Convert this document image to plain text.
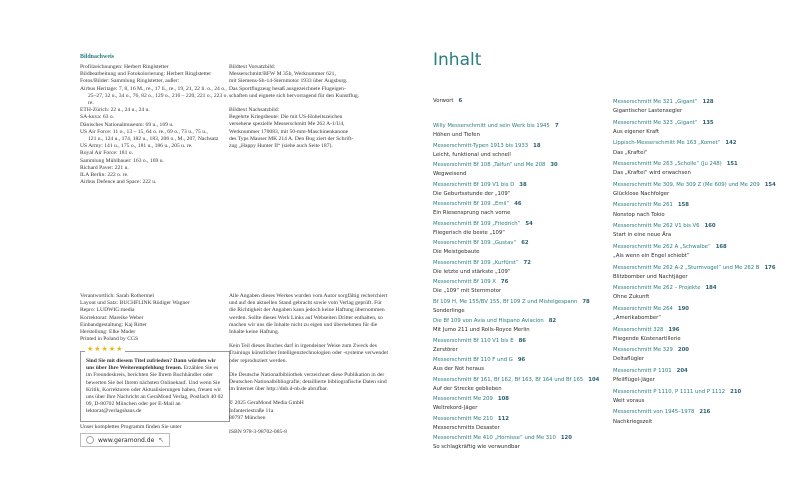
Bildnachweis

Profilzeichnungen: Herbert Ringlstetter

Bildbearbeitung und Fotokolorierung: Herbert Ringlstetter

Fotos/Bilder: Sammlung Ringlstetter, außer:

Airbus Heritage: 7, 8, 16 M., re., 17 li., re., 19, 21, 22 li. o., 24 o.,

25–27, 32 u., 34 o., 76, 82 o., 129 o., 216 – 220, 221 o., 223 o. re.

ETH-Zürich: 22 u., 24 u., 24 u.

SA-kuva: 63 o.

Dänisches Nationalmuseum: 69 u., 169 u.

US Air Force: 11 o., 13 – 15, 64 o. re., 69 o., 73 u., 75 u.,

121 u., 124 u., 174, 182 u., 183, 206 o., M., 207, Nachsatz

US Army: 141 u., 175 o., 181 u., 186 u., 205 u. re.

Royal Air Force: 181 o.

Sammlung Mühlbauer: 163 o., 169 u.

Richard Paver: 221 u.

ILA Berlin: 222 o. re.

Airbus Defence and Space: 222 u.

Bildtext Vorsatzbild:

Messerschmitt/BFW M 35b, Werknummer 621,

mit Siemens-Sh-14-Sternmotor 1933 über Augsburg.

Das Sportflugzeug besaß ausgezeichnete Flugeigen-

schaften und eignete sich hervorragend für den Kunstflug.

Bildtext Nachsatzbild:

Begehrte Kriegsbeute: Die mit US-Hoheitszeichen

versehene spezielle Messerschmitt Me 262 A-1/U4,

Werknummer 170083, mit 50-mm-Maschinenkanone

des Typs Mauser MK 214 A. Den Bug ziert der Schrift-

zug „Happy Hunter II“ (siehe auch Seite 187).

Verantwortlich: Sarah Rothermel

Layout und Satz: BUCHFLINK Rüdiger Wagner

Repro: LUDWIG:media

Korrektorat: Mareike Weber

Einbandgestaltung: Kaj Ritter

Herstellung: Elke Mader

Printed in Poland by CGS

★★★★★

Sind Sie mit diesem Titel zufrieden? Dann würden wir uns über Ihre Weiterempfehlung freuen. Erzählen Sie es im Freundeskreis, berichten Sie Ihrem Buchhändler oder bewerten Sie bei Ihrem nächsten Onlinekauf. Und wenn Sie Kritik, Korrekturen oder Aktualisierungen haben, freuen wir uns über Ihre Nachricht an GeraMond Verlag, Postfach 40 02 09, D-80702 München oder per E-Mail an lektorat@verlagshaus.de

Unser komplettes Programm finden Sie unter
www.geramond.de ↖

Alle Angaben dieses Werkes wurden vom Autor sorgfältig recherchiert und auf den aktuellen Stand gebracht sowie vom Verlag geprüft. Für die Richtigkeit der Angaben kann jedoch keine Haftung übernommen werden. Sollte dieses Werk Links auf Webseiten Dritter enthalten, so machen wir uns die Inhalte nicht zu eigen und übernehmen für die Inhalte keine Haftung.

Kein Teil dieses Buches darf in irgendeiner Weise zum Zweck des Trainings künstlicher Intelligenztechnologien oder -systeme verwendet oder reproduziert werden.

Die Deutsche Nationalbibliothek verzeichnet diese Publikation in der Deutschen Nationalbibliografie; detaillierte bibliografische Daten sind im Internet über http://dnb.d-nb.de abrufbar.

© 2025 GeraMond Media GmbH

Infanteriestraße 11a

80797 München

ISBN 978-3-98702-085-8

Inhalt
Vorwort 6
Willy Messerschmitt und sein Werk bis 1945 7
Höhen und Tiefen
Messerschmitt-Typen 1913 bis 1933 18
Leicht, funktional und schnell
Messerschmitt Bf 108 „Taifun“ und Me 208 30
Wegweisend
Messerschmitt Bf 109 V1 bis D 38
Die Geburtsstunde der „109“
Messerschmitt Bf 109 „Emil“ 46
Ein Riesensprung nach vorne
Messerschmitt Bf 109 „Friedrich“ 54
Fliegerisch die beste „109“
Messerschmitt Bf 109 „Gustav“ 62
Die Meistgebaute
Messerschmitt Bf 109 „Kurfürst“ 72
Die letzte und stärkste „109“
Messerschmitt Bf 109 X 76
Die „109“ mit Sternmotor
Bf 109 H, Me 155/BV 155, Bf 109 Z und Mistelgespann 78
Sonderlinge
Die Bf 109 von Avia und Hispano Aviación 82
Mit Jumo 211 und Rolls-Royce Merlin
Messerschmitt Bf 110 V1 bis E 86
Zerstörer
Messerschmitt Bf 110 F und G 96
Aus der Not heraus
Messerschmitt Bf 161, Bf 162, Bf 163, Bf 164 und Bf 165 104
Auf der Strecke geblieben
Messerschmitt Me 209 108
Weltrekord-Jäger
Messerschmitt Me 210 112
Messerschmitts Desaster
Messerschmitt Me 410 „Hornisse“ und Me 310 120
So schlagkräftig wie verwundbar
Messerschmitt Me 321 „Gigant“ 128
Gigantischer Lastensegler
Messerschmitt Me 323 „Gigant“ 135
Aus eigener Kraft
Lippisch-Messerschmitt Me 163 „Komet“ 142
Das „Kraftei“
Messerschmitt Me 263 „Scholle“ (Ju 248) 151
Das „Kraftei“ wird erwachsen
Messerschmitt Me 309, Me 309 Z (Me 609) und Me 209 154
Glücklose Nachfolger
Messerschmitt Me 261 158
Nonstop nach Tokio
Messerschmitt Me 262 V1 bis V6 160
Start in eine neue Ära
Messerschmitt Me 262 A „Schwalbe“ 168
„Als wenn ein Engel schiebt“
Messerschmitt Me 262 A-2 „Sturmvogel“ und Me 262 B 176
Blitzbomber und Nachtjäger
Messerschmitt Me 262 – Projekte 184
Ohne Zukunft
Messerschmitt Me 264 190
„Amerikabomber“
Messerschmitt 328 196
Fliegende Küstenartillerie
Messerschmitt Me 329 200
Deltaflügler
Messerschmitt P 1101 204
Pfeilflügel-Jäger
Messerschmitt P 1110, P 1111 und P 1112 210
Weit voraus
Messerschmitt von 1945–1978 216
Nachkriegszeit
